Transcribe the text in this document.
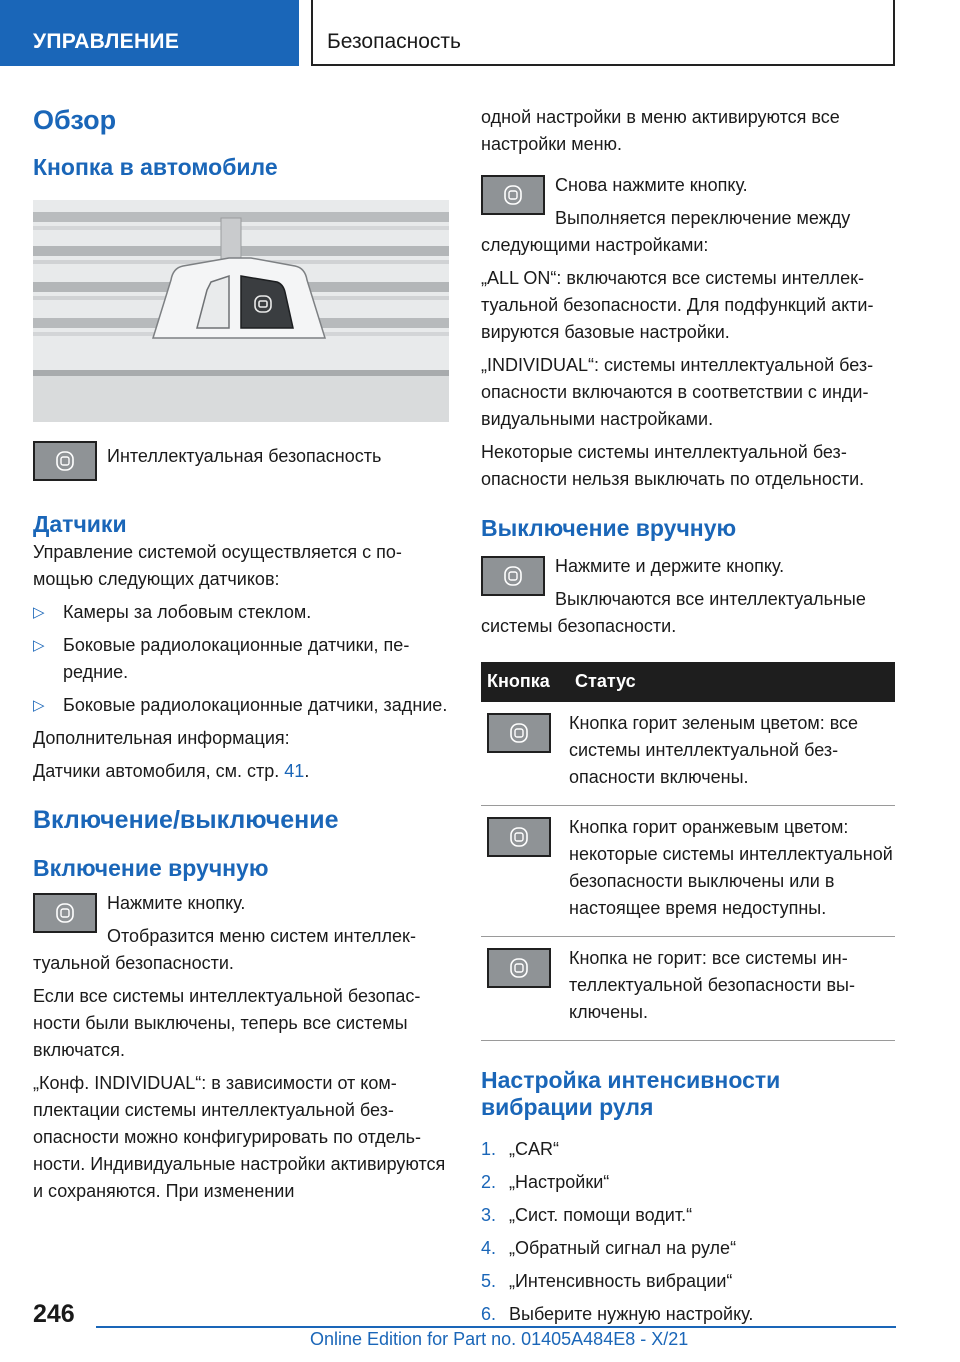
УПРАВЛЕНИЕ	Безопасность
Обзор
Кнопка в автомобиле

Интеллектуальная безопасность

Датчики

Управление системой осуществляется с помощью следующих датчиков:

▷ Камеры за лобовым стеклом.
▷ Боковые радиолокационные датчики, передние.
▷ Боковые радиолокационные датчики, задние.

Дополнительная информация:

Датчики автомобиля, см. стр. 41.

Включение/выключение
Включение вручную

Нажмите кнопку.

Отобразится меню систем интеллектуальной безопасности.

Если все системы интеллектуальной безопасности были выключены, теперь все системы включатся.

„Конф. INDIVIDUAL“: в зависимости от комплектации системы интеллектуальной безопасности можно конфигурировать по отдельности. Индивидуальные настройки активируются и сохраняются. При изменении

одной настройки в меню активируются все настройки меню.

Снова нажмите кнопку.

Выполняется переключение между следующими настройками:

„ALL ON“: включаются все системы интеллектуальной безопасности. Для подфункций активируются базовые настройки.

„INDIVIDUAL“: системы интеллектуальной безопасности включаются в соответствии с индивидуальными настройками.

Некоторые системы интеллектуальной безопасности нельзя выключать по отдельности.

Выключение вручную

Нажмите и держите кнопку.

Выключаются все интеллектуальные системы безопасности.

Кнопка	Статус

	Кнопка горит зеленым цветом: все системы интеллектуальной безопасности включены.

	Кнопка горит оранжевым цветом: некоторые системы интеллектуальной безопасности выключены или в настоящее время недоступны.

	Кнопка не горит: все системы интеллектуальной безопасности выключены.
Настройка интенсивности вибрации руля
1. „CAR“
2. „Настройки“
3. „Сист. помощи водит.“
4. „Обратный сигнал на руле“
5. „Интенсивность вибрации“
6. Выберите нужную настройку.
246
Online Edition for Part no. 01405A484E8 - X/21
